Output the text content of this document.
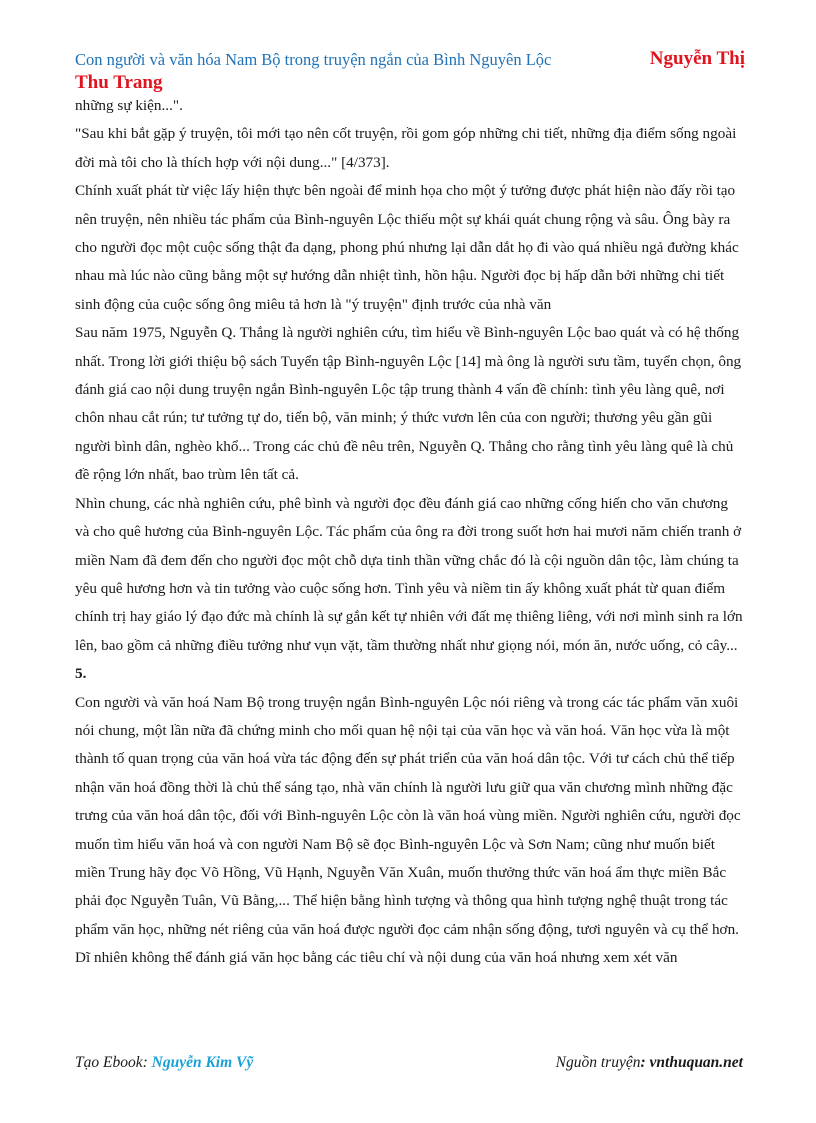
Con người và văn hóa Nam Bộ trong truyện ngắn của Bình Nguyên Lộc	Nguyễn Thị
Thu Trang

những sự kiện...".

"Sau khi bắt gặp ý truyện, tôi mới tạo nên cốt truyện, rồi gom góp những chi tiết, những địa điểm sống ngoài đời mà tôi cho là thích hợp với nội dung..." [4/373].

Chính xuất phát từ việc lấy hiện thực bên ngoài để minh họa cho một ý tưởng được phát hiện nào đấy rồi tạo nên truyện, nên nhiều tác phẩm của Bình-nguyên Lộc thiếu một sự khái quát chung rộng và sâu. Ông bày ra cho người đọc một cuộc sống thật đa dạng, phong phú nhưng lại dẫn dắt họ đi vào quá nhiều ngả đường khác nhau mà lúc nào cũng bằng một sự hướng dẫn nhiệt tình, hồn hậu. Người đọc bị hấp dẫn bởi những chi tiết sinh động của cuộc sống ông miêu tả hơn là "ý truyện" định trước của nhà văn

Sau năm 1975, Nguyễn Q. Thắng là người nghiên cứu, tìm hiểu về Bình-nguyên Lộc bao quát và có hệ thống nhất. Trong lời giới thiệu bộ sách Tuyển tập Bình-nguyên Lộc [14] mà ông là người sưu tầm, tuyển chọn, ông đánh giá cao nội dung truyện ngắn Bình-nguyên Lộc tập trung thành 4 vấn đề chính: tình yêu làng quê, nơi chôn nhau cắt rún; tư tưởng tự do, tiến bộ, văn minh; ý thức vươn lên của con người; thương yêu gần gũi người bình dân, nghèo khổ... Trong các chủ đề nêu trên, Nguyễn Q. Thắng cho rằng tình yêu làng quê là chủ đề rộng lớn nhất, bao trùm lên tất cả.

Nhìn chung, các nhà nghiên cứu, phê bình và người đọc đều đánh giá cao những cống hiến cho văn chương và cho quê hương của Bình-nguyên Lộc. Tác phẩm của ông ra đời trong suốt hơn hai mươi năm chiến tranh ở miền Nam đã đem đến cho người đọc một chỗ dựa tinh thần vững chắc đó là cội nguồn dân tộc, làm chúng ta yêu quê hương hơn và tin tưởng vào cuộc sống hơn. Tình yêu và niềm tin ấy không xuất phát từ quan điểm chính trị hay giáo lý đạo đức mà chính là sự gắn kết tự nhiên với đất mẹ thiêng liêng, với nơi mình sinh ra lớn lên, bao gồm cả những điều tưởng như vụn vặt, tầm thường nhất như giọng nói, món ăn, nước uống, cỏ cây...

5.

Con người và văn hoá Nam Bộ trong truyện ngắn Bình-nguyên Lộc nói riêng và trong các tác phẩm văn xuôi nói chung, một lần nữa đã chứng minh cho mối quan hệ nội tại của văn học và văn hoá. Văn học vừa là một thành tố quan trọng của văn hoá vừa tác động đến sự phát triển của văn hoá dân tộc. Với tư cách chủ thể tiếp nhận văn hoá đồng thời là chủ thể sáng tạo, nhà văn chính là người lưu giữ qua văn chương mình những đặc trưng của văn hoá dân tộc, đối với Bình-nguyên Lộc còn là văn hoá vùng miền. Người nghiên cứu, người đọc muốn tìm hiểu văn hoá và con người Nam Bộ sẽ đọc Bình-nguyên Lộc và Sơn Nam; cũng như muốn biết miền Trung hãy đọc Võ Hồng, Vũ Hạnh, Nguyễn Văn Xuân, muốn thưởng thức văn hoá ẩm thực miền Bắc phải đọc Nguyễn Tuân, Vũ Bằng,... Thể hiện bằng hình tượng và thông qua hình tượng nghệ thuật trong tác phẩm văn học, những nét riêng của văn hoá được người đọc cảm nhận sống động, tươi nguyên và cụ thể hơn.

Dĩ nhiên không thể đánh giá văn học bằng các tiêu chí và nội dung của văn hoá nhưng xem xét văn

Tạo Ebook: Nguyễn Kim Vỹ	Nguồn truyện: vnthuquan.net
